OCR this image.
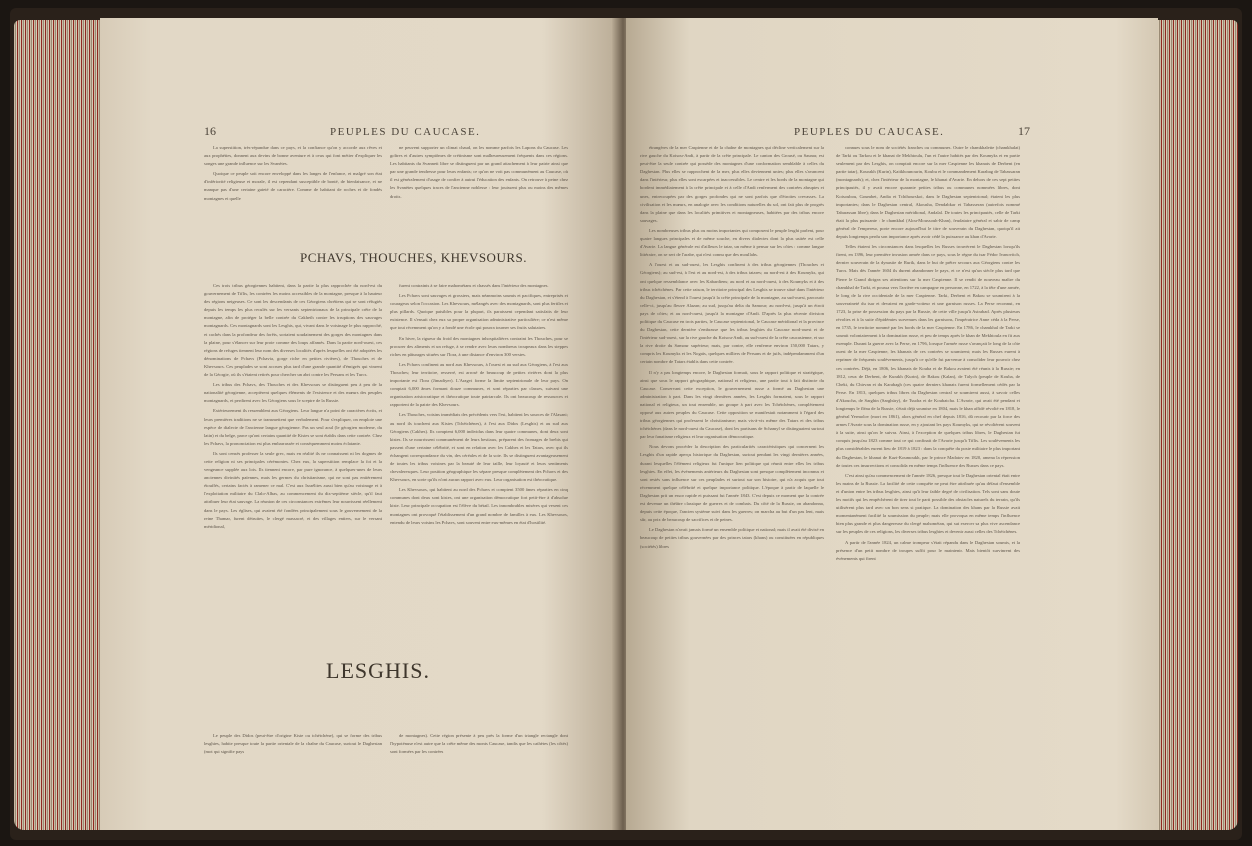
16	PEUPLES DU CAUCASE.

La superstition, très-répandue dans ce pays, et la confiance qu'on y accorde aux rêves et aux prophéties, donnent aux devins de bonne aventure et à ceux qui font métier d'expliquer les songes une grande influence sur les Svanètes.

Quoique ce peuple soit encore enveloppé dans les langes de l'enfance, et malgré son état d'infériorité religieuse et morale, il est cependant susceptible de bonté, de bienfaisance, et ne manque pas d'une certaine gaieté de caractère. Comme de habitant de roches et de fondés montagnes et quelle

ne peuvent supporter un climat chaud, on les nomme parfois les Lapons du Caucase. Les goîtres et d'autres symptômes de crétinisme sont malheureusement fréquents dans ces régions. Les habitants du Svanneti libre se distinguent par un grand attachement à leur patrie ainsi que par une grande tendresse pour leurs enfants; ce qu'on ne voit pas communément au Caucase, où il est généralement d'usage de confier à autrui l'éducation des enfants. On retrouve à peine chez les Svanètes quelques traces de l'ancienne noblesse : leur jouissent plus ou moins des mêmes droits.

PCHAVS, THOUCHES, KHEVSOURS.

Ces trois tribus géorgiennes habitent, dans la partie la plus rapprochée du nord-est du gouvernement de Tiflis, les contrées les moins accessibles de la montagne, presque à la hauteur des régions neigeuses. Ce sont les descendants de ces Géorgiens chrétiens qui se sont réfugiés depuis les temps les plus reculés sur les versants septentrionaux de la principale crête de la montagne, afin de protéger la belle contrée du Cakheth contre les irruptions des sauvages montagnards. Ces montagnards sont les Lesghis, qui, vivant dans le voisinage le plus rapproché, et cachés dans la profondeur des forêts, sortaient soudainement des gorges des montagnes dans la plaine, pour s'élancer sur leur proie comme des loups affamés. Dans la partie nord-ouest, ces régions de refuges tiennent leur nom des diverses localités d'après lesquelles ont été adoptées les dénominations de Pchavs (Pchavia, gorge riche en petites rivières), de Thouches et de Khevsours. Ces peuplades se sont accrues plus tard d'une grande quantité d'émigrés qui vinrent de la Géorgie, où ils s'étaient retirés pour chercher un abri contre les Persans et les Turcs.

Les tribus des Pchavs, des Thouches et des Khevsours se distinguent peu à peu de la nationalité géorgienne, acceptèrent quelques éléments de l'existence et des mœurs des peuples montagnards, et perdirent avec les Géorgiens sous le sceptre de la Russie.

Extérieurement ils ressemblent aux Géorgiens. Leur langue n'a point de caractères écrits, et leurs premières traditions ne se transmettent que verbalement. Pour s'expliquer, on emploie une espèce de dialecte de l'ancienne langue géorgienne. Pas un seul aoul (le géorgien moderne, du latin) et du belge, parce qu'ont certains quantité de Kistes se sont établis dans cette contrée. Chez les Pchavs, la prononciation est plus embarrassée et conséquemment moins éclatante.

Ils sont censés professer la seule grec, mais en réalité ils ne connaissent ni les dogmes de cette religion ni ses principales cérémonies. Chez eux, la superstition remplace la foi et la vengeance supplée aux lois. Ils tiennent encore, par pure ignorance, à quelques-unes de leurs anciennes divinités païennes, mais les germes du christianisme, qui ne sont pas entièrement étouffés, certains factés à ramener ce mal. C'est aux Israélites aussi bien qu'au voisinage et à l'exploitation militaire du Clalo-Albas, au commencement du dix-septième siècle, qu'il faut attribuer leur état sauvage. La réunion de ces circonstances extrêmes leur nourrissent réellement dans le pays. Les églises, qui avaient été fondées principalement sous le gouvernement de la reine Thamar, furent détruites, le clergé massacré, et des villages entiers, sur le versant méridional,

furent contraints à se faire mahométans et chassés dans l'intérieur des montagnes.

Les Pchavs sont sauvages et grossiers, mais néanmoins soumis et pacifiques, entreprisés et courageux selon l'occasion. Les Khevsours, mélangés avec des montagnards, sont plus fertiles et plus pillards. Quoique paisibles pour la plupart, ils paraissent cependant satisfaits de leur existence. Il s'ensuit chez eux sa propre organisation administrative particulière; ce n'est même que tout récemment qu'on y a fondé une école qui pourra tourner ses fruits salutaires.

En hiver, la rigueur du froid des montagnes inhospitalières contraint les Thouches, pour se procurer des aliments et un refuge, à se rendre avec leurs nombreux troupeaux dans les steppes riches en pâturages situées sur l'Iora, à une distance d'environ 300 verstes.

Les Pchavs confinent au nord aux Khevsours, à l'ouest et au sud aux Géorgiens, à l'est aux Thouches; leur territoire, resserré, est arrosé de beaucoup de petites rivières dont la plus importante est l'Iora (Jimadiyer). L'Aragvi forme la limite septentrionale de leur pays. On comptait 6,000 âmes formant douze communes, et sont réparties par classes, suivant une organisation aristocratique et théocratique toute patriarcale. Ils ont beaucoup de ressources et rapportent de la patrie des Khevsours.

Les Thouches, voisins immédiats des précédents vers l'est, habitent les sources de l'Alasani; au nord ils touchent aux Kistes (Tchétchènes), à l'est aux Didos (Lesghis) et au sud aux Géorgiens (Cakhes). Ils comptent 6,000 individus dans leur quatre communes, dont deux sont kistes. Ils se nourrissent communément de leurs bestiaux, préparent des fromages de brebis qui passent d'une certaine célébrité, et sont en relation avec les Cakhes et les Tatars, avec qui ils échangent correspondance du vin, des céréales et de la soie. Ils se distinguent avantageusement de toutes les tribus voisines par la beauté de leur taille, leur loyauté et leurs sentiments chevaleresques. Leur position géographique les sépare presque complètement des Pchavs et des Khevsours, en sorte qu'ils n'ont aucun rapport avec eux. Leur organisation est théocratique.

Les Khevsours, qui habitent au nord des Pchavs et comptent 3500 âmes réparties en cinq communes dont deux sont kistes, ont une organisation démocratique fort petit-être à d'absolue kiste. Leur principale occupation est l'élève du bétail. Les innombrables misères qui vexent ces montagnes ont provoqué l'établissement d'un grand nombre de familles à eux. Les Khevsours, entendu de leurs voisins les Pchavs, sont souvent entre eux-mêmes en état d'hostilité.

LESGHIS.

Le peuple des Didos (peut-être d'origine Kiste ou tchétchène), qui se forme des tribus lesghies, habite presque toute la partie orientale de la chaîne du Caucase, surtout le Daghestan (mot qui signifie pays

de montagnes). Cette région présente à peu près la forme d'un triangle rectangle dont l'hypoténuse n'est autre que la crête même des monts Caucase, tandis que les cathètes (les côtés) sont formées par les contrées

PEUPLES DU CAUCASE.	17

étrangères de la mer Caspienne et de la chaîne de montagnes qui décline verticalement sur la rive gauche du Koisou-Andi, à partir de la crête principale. Le canton des Grousé, ou Saunar, est peut-être la seule contrée qui possède des montagnes d'une conformation semblable à celles du Daghestan. Plus elles se rapprochent de la mer, plus elles deviennent unies; plus elles s'avancent dans l'intérieur, plus elles sont escarpées et inaccessibles. Le centre et les bords de la montagne qui bordent immédiatement à la crête principale et à celle d'Andi renferment des contrées abruptes et unes, entrecoupées par des gorges profondes qui ne sont parfois que d'étroites crevasses. La civilisation et les mœurs, en analogie avec les conditions naturelles du sol, ont fait plus de progrès dans la plaine que dans les localités primitives et montagneuses, habitées par des tribus encore sauvages.

Les nombreuses tribus plus ou moins importantes qui composent le peuple lesghi parlent, pour quatre langues principales et de même souche, en divers dialectes dont la plus usitée est celle d'Avarie. La langue générale est d'ailleurs le tatar, un même à pensar sur les côtes : comme langue littéraire, on se sert de l'arabe, qui n'est connu que des moullahs.

A l'ouest et au sud-ouest, les Lesghis confinent à des tribus géorgiennes (Thouches et Géorgiens); au sud-est, à l'est et au nord-est, à des tribus tatares; au nord-est à des Koumyks, qui ont quelque ressemblance avec les Kabardiens; au nord et au nord-ouest, à des Koumyks et à des tribus tchétchènes. Par cette raison, le territoire principal des Lesghis se trouve situé dans l'intérieur du Daghestan, et s'étend à l'ouest jusqu'à la crête principale de la montagne, au sud-ouest, parcourir celle-ci, jusqu'au fleuve Alazan; au sud, jusqu'au delta du Samour; au nord-est, jusqu'à un étroit pays de côtes; et au nord-ouest, jusqu'à la montagne d'Andi. D'après la plus récente division politique du Caucase en trois parties, le Caucase septentrional, le Caucase méridional et la province du Daghestan, cette dernière s'embrasse que les tribus lesghies du Caucase nord-ouest et de l'intérieur sud-ouest, sur la rive gauche du Koisou-Andi, au sud-ouest de la crête caucasienne, et sur la rive droite du Samour supérieur; mais, par contre, elle renferme environ 150,000 Tatars, y compris les Koumyks et les Nogaïs, quelques milliers de Persans et de juifs, indépendamment d'un certain nombre de Tatars établis dans cette contrée.

Il n'y a pas longtemps encore, le Daghestan formait, sous le rapport politique et stratégique, ainsi que sous le rapport géographique, national et religieux, une partie tout à fait distincte du Caucase. Conservant cette exception, le gouvernement russe a formé au Daghestan une administration à part. Dans les vingt dernières années, les Lesghis formaient, sous le rapport national et religieux, un tout ensemble, un groupe à part avec les Tchétchènes, complètement opposé aux autres peuples du Caucase. Cette opposition se manifestait notamment à l'égard des tribus géorgiennes qui professent le christianisme; mais vis-à-vis même des Tatars et des tribus tchétchènes (dans le nord-ouest du Caucase), dont les partisans de Schamyl se distinguaient surtout par leur fanatisme religieux et leur organisation démocratique.

Nous devons procéder la description des particularités caractéristiques qui concernent les Lesghis d'un rapide aperçu historique du Daghestan, surtout pendant les vingt dernières années, durant lesquelles l'élément religieux fut l'unique lien politique qui réunit entre elles les tribus lesghies. En effet, les événements antérieurs du Daghestan sont presque complètement inconnus et sont restés sans influence sur ces peuplades et surtout sur son histoire, qui n'a acquis que tout récemment quelque célébrité et quelque importance politique. L'époque à partir de laquelle le Daghestan prit un essor rapide et puissant fut l'année 1843. C'est depuis ce moment que la contrée est devenue un théâtre classique de guerres et de combats. Du côté de la Russie, on abandonna, depuis cette époque, l'ancien système suivi dans les guerres; on marcha au but d'un pas lent, mais sûr, au prix de beaucoup de sacrifices et de peines.

Le Daghestan n'avait jamais formé un ensemble politique et national; mais il avait été divisé en beaucoup de petites tribus gouvernées par des princes tatars (khans) ou constituées en républiques (sociétés) libres

connues sous le nom de sociétés franches ou communes. Outre le chamkhalette (chamkhalat) de Tarki ou Tarkou et le khanat de Mekhtoulu, l'un et l'autre habités par des Koumyks et en partie seulement par des Lesghis, on comptait encore sur la mer Caspienne les khanats de Derbent (en partie tatar), Kourakh (Kurin), Kaitkhounourin, Koubu et le commandement Karabag de Tabassaran (montagnards); et, chez l'intérieur de la montagne, le khanat d'Avarie. En dehors de ces sept petites principautés, il y avait encore quarante petites tribus ou communes nommées libres, dont Koisoubou, Goumbet, Andia et Tchihourskoi, dans le Daghestan septentrional; étaient les plus importantes; dans le Daghestan central, Akousha, Dendabkar et Tabasseran (autrefois nommé Tabarassan libre); dans le Daghestan méridional, Andalal. De toutes les principautés, celle de Tarki était la plus puissante : le chamkhal (Alou-Moussouh-Khan), feudataire général et sabir de camp général de l'empereur, porte encore aujourd'hui le titre de souverain du Daghestan, quoiqu'il ait depuis longtemps perdu son importance après avoir cédé la puissance au khan d'Avarie.

Telles étaient les circonstances dans lesquelles les Russes trouvèrent le Daghestan lorsqu'ils firent, en 1396, leur première invasion armée dans ce pays, sous le règne du tsar Fédor Ivanovitch, dernier souverain de la dynastie de Rurik, dans le but de prêter secours aux Géorgiens contre les Turcs. Mais dès l'année 1604 ils durent abandonner le pays, et ce n'est qu'un siècle plus tard que Pierre le Grand dirigea ses attentions sur la mer Caspienne. Il se rendit de nouveau maître du chamkhal de Tarki, et poussa vers l'arrière en campagne en personne, en 1722, à la tête d'une armée, le long de la rive occidentale de la mer Caspienne. Tarki, Derbent et Bakou se soumirent à la souveraineté du tsar et devaient en garde-votteur et une garnison russes. La Perse reconnut, en 1723, la prise de possession du pays par la Russie, de cette ville jusqu'à Astrabad. Après plusieurs révoltes et à la suite d'épidémies survenues dans les garnisons, l'impératrice Anne céda à la Perse, en 1735, le territoire nommé par les bords de la mer Caspienne. En 1786, le chamkhal de Tarki se soumit volontairement à la domination russe, et peu de temps après le khan de Mekhtoula en fit aux exemple. Durant la guerre avec la Perse, en 1796, lorsque l'armée russe s'avançait le long de la côte ouest de la mer Caspienne, les khanats de ces contrées se soumirent; mais les Russes eurent à reprimer de fréquents soulèvements, jusqu'à ce qu'elle fut parvenue à consolider leur pouvoir chez ces contrées. Déjà, en 1806, les khanats de Kouba et de Bakou avaient été réunis à la Russie; en 1812, ceux de Derbent, de Kurakh (Kurin), de Bakou (Kalan), de Talych (peuple de Kouba, de Cheki, du Chirvan et du Karabagh (ces quatre derniers khanats furent formellement cédés par la Perse. En 1813, quelques tribus libres du Daghestan central se soumirent aussi, à savoir celles d'Akoucha, de Sarghin (Sarghüry), de Tsudra et de Koubatcha. L'Avarie, qui avait été pendant et longtemps le fléau de la Russie, s'était déjà soumise en 1804, mais le khan affidé révolté en 1818, le général Yermolov (mort en 1861), alors général en chef depuis 1816, dû recourir par la force des armes l'Avarie sous la domination russe, en y ajoutant les pays Koumyks, qui se révoltèrent souvent à la suite, ainsi qu'on le suivra. Ainsi, à l'exception de quelques tribus libres, le Daghestan fut conquis jusqu'au 1823 comme tout ce qui confinait de l'Avarie jusqu'à Tiflis. Les soulèvements les plus considérables eurent lieu de 1819 à 1823 : dans la conquête du poste militaire le plus important du Daghestan, le khanat de Kazi-Koumoukh, par le prince Madatov en 1820, amena la répression de toutes ces insurrections et consolida en même temps l'influence des Russes dans ce pays.

C'est ainsi qu'au commencement de l'année 1826, presque tout le Daghestan oriental était entre les mains de la Russie. La facilité de cette conquête ne peut être attribuée qu'au défaut d'ensemble et d'union entre les tribus lesghies, ainsi qu'à leur faible degré de civilisation. Tels sont sans doute les motifs qui les empêchèrent de tirer tout le parti possible des obstacles naturels du terrain, qu'ils utilisèrent plus tard avec un bon sens si pratique. La domination des khans par la Russie avait momentanément facilité la soumission du peuple; mais elle provoqua en même temps l'influence bien plus grande et plus dangereuse du clergé mahométan, qui sut exercer sa plus vive ascendance sur les peuples de ces religions, les diverses tribus lesghies et devenir aussi celles des Tchétchènes.

A partir de l'année 1824, un calme trompeur s'était répandu dans le Daghestan soumis, et la présence d'un petit nombre de troupes suffit pour le maintenir. Mais bientôt survinrent des événements qui firent
